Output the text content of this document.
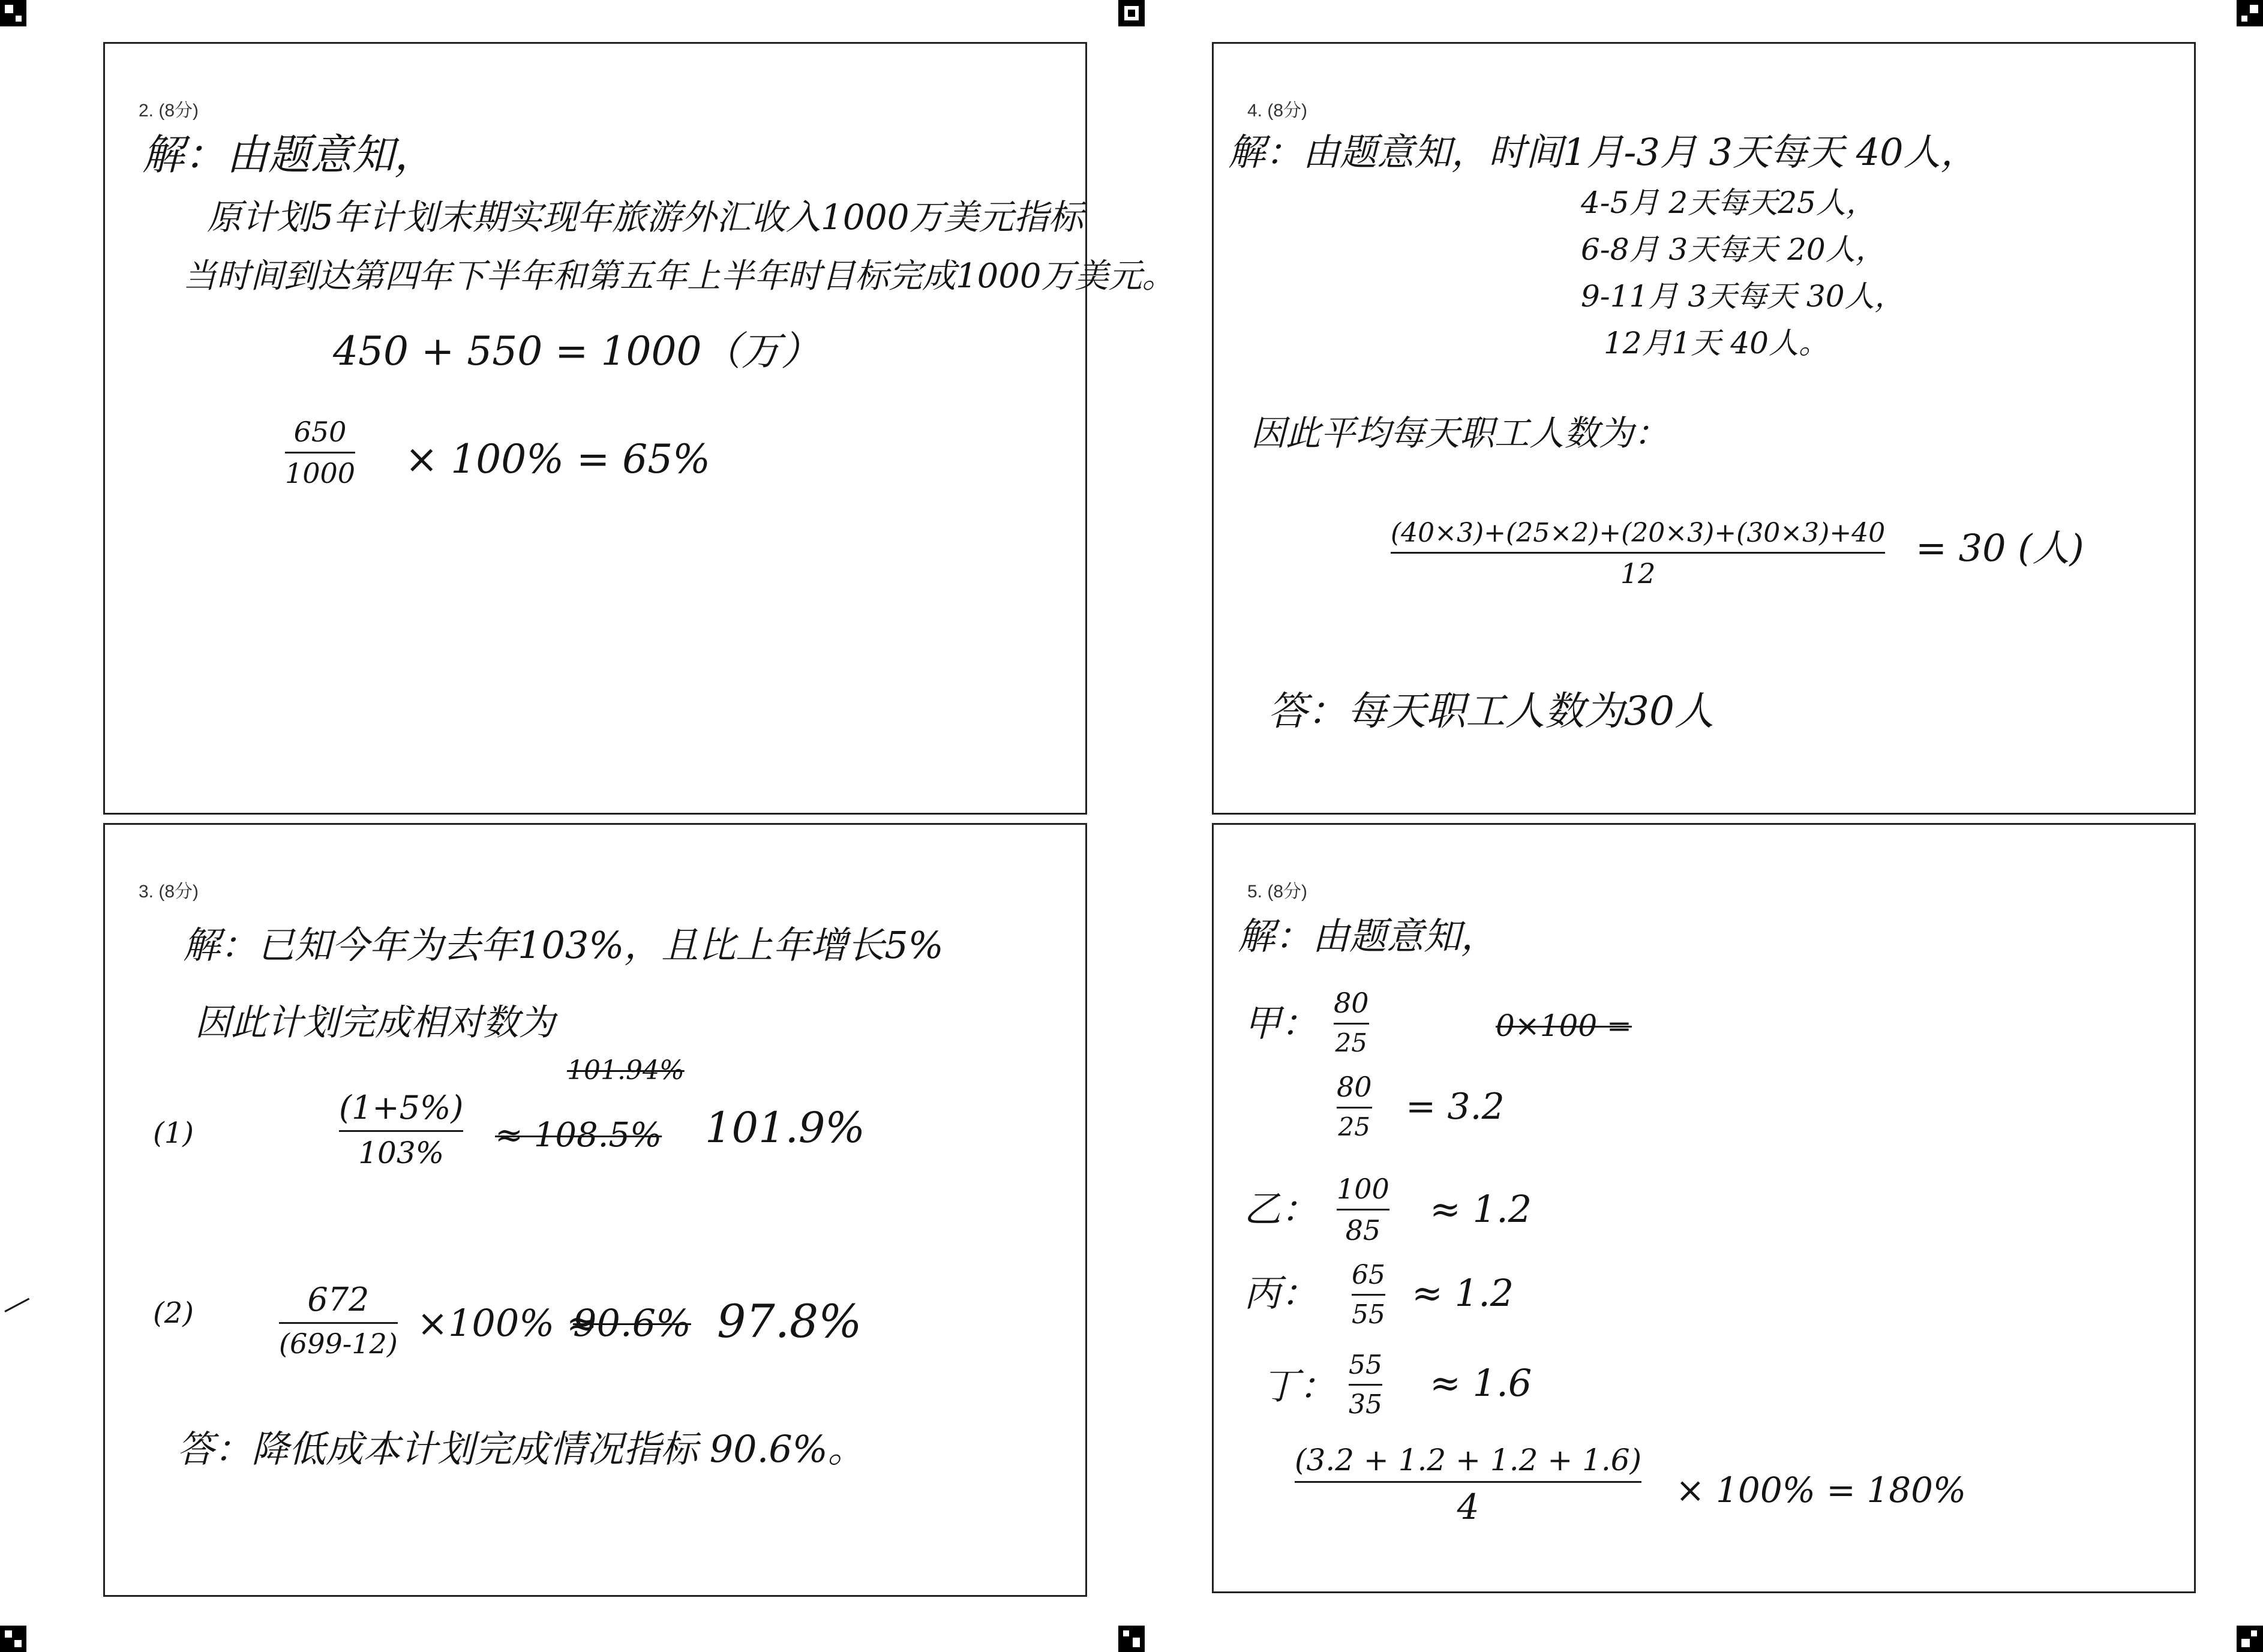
2. (8分)
解：由题意知，
原计划5年计划末期实现年旅游外汇收入1000万美元指标
当时间到达第四年下半年和第五年上半年时目标完成1000万美元。
450 + 550 = 1000（万）
650
1000 × 100% = 65%
3. (8分)
解：已知今年为去年103%，且比上年增长5%
因此计划完成相对数为
(1)
(1+5%)
103%
101.94%
≈ 108.5% 101.9%
(2)	672
(699-12) ×100% ≈
90.6% 97.8%
答：降低成本计划完成情况指标 90.6%。
4. (8分)
解：由题意知，时间1月-3月 3天每天 40人，
4-5月 2天每天25人，
6-8月 3天每天 20人，
9-11月 3天每天 30人，
12月1天 40人。
因此平均每天职工人数为：
(40×3)+(25×2)+(20×3)+(30×3)+40
12
= 30 (人)
答：每天职工人数为30人
5. (8分)
解：由题意知，
甲： 80
25	0×100 =
80
25 = 3.2
乙： 100
85 ≈ 1.2
丙： 65
55 ≈ 1.2
丁： 55
35 ≈ 1.6
(3.2 + 1.2 + 1.2 + 1.6)
4	× 100% = 180%
